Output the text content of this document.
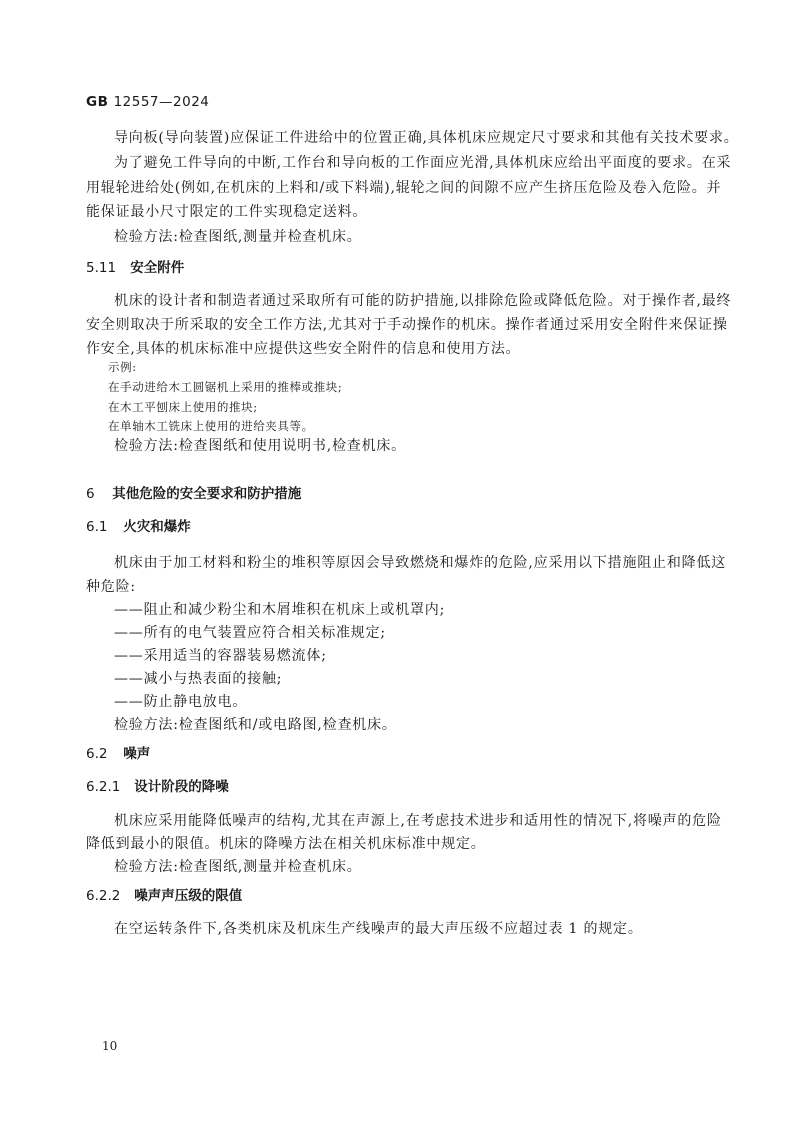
GB 12557—2024
导向板(导向装置)应保证工件进给中的位置正确,具体机床应规定尺寸要求和其他有关技术要求。
为了避免工件导向的中断,工作台和导向板的工作面应光滑,具体机床应给出平面度的要求。在采
用辊轮进给处(例如,在机床的上料和/或下料端),辊轮之间的间隙不应产生挤压危险及卷入危险。并
能保证最小尺寸限定的工件实现稳定送料。
检验方法:检查图纸,测量并检查机床。
5.11 安全附件
机床的设计者和制造者通过采取所有可能的防护措施,以排除危险或降低危险。对于操作者,最终
安全则取决于所采取的安全工作方法,尤其对于手动操作的机床。操作者通过采用安全附件来保证操
作安全,具体的机床标准中应提供这些安全附件的信息和使用方法。
示例:
在手动进给木工圆锯机上采用的推棒或推块;
在木工平刨床上使用的推块;
在单轴木工铣床上使用的进给夹具等。
检验方法:检查图纸和使用说明书,检查机床。
6 其他危险的安全要求和防护措施
6.1 火灾和爆炸
机床由于加工材料和粉尘的堆积等原因会导致燃烧和爆炸的危险,应采用以下措施阻止和降低这
种危险:
——阻止和减少粉尘和木屑堆积在机床上或机罩内;
——所有的电气装置应符合相关标准规定;
——采用适当的容器装易燃流体;
——减小与热表面的接触;
——防止静电放电。
检验方法:检查图纸和/或电路图,检查机床。
6.2 噪声
6.2.1 设计阶段的降噪
机床应采用能降低噪声的结构,尤其在声源上,在考虑技术进步和适用性的情况下,将噪声的危险
降低到最小的限值。机床的降噪方法在相关机床标准中规定。
检验方法:检查图纸,测量并检查机床。
6.2.2 噪声声压级的限值
在空运转条件下,各类机床及机床生产线噪声的最大声压级不应超过表 1 的规定。
10
